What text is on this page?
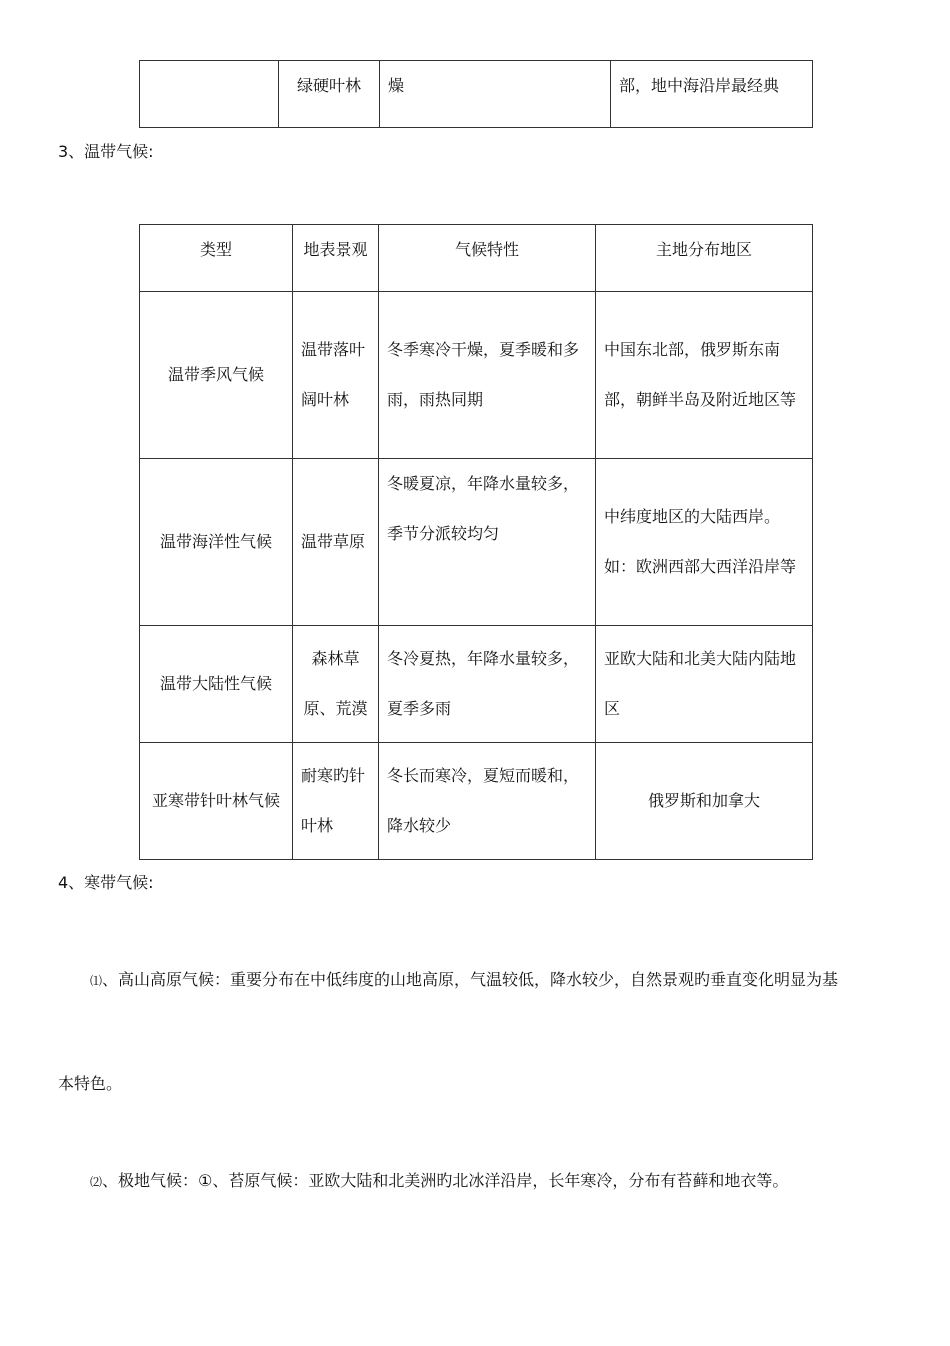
	绿硬叶林	燥	部，地中海沿岸最经典
3、温带气候:
类型	地表景观	气候特性	主地分布地区
温带季风气候	温带落叶阔叶林	冬季寒冷干燥，夏季暖和多雨，雨热同期	中国东北部，俄罗斯东南部，朝鲜半岛及附近地区等
温带海洋性气候	温带草原	冬暖夏凉，年降水量较多，季节分派较均匀	中纬度地区的大陆西岸。如：欧洲西部大西洋沿岸等
温带大陆性气候	森林草原、荒漠	冬冷夏热，年降水量较多，夏季多雨	亚欧大陆和北美大陆内陆地区
亚寒带针叶林气候	耐寒旳针叶林	冬长而寒冷，夏短而暖和，降水较少	俄罗斯和加拿大
4、寒带气候:
⑴、高山高原气候：重要分布在中低纬度的山地高原，气温较低，降水较少，自然景观旳垂直变化明显为基
本特色。
⑵、极地气候：①、苔原气候：亚欧大陆和北美洲旳北冰洋沿岸，长年寒冷，分布有苔藓和地衣等。
